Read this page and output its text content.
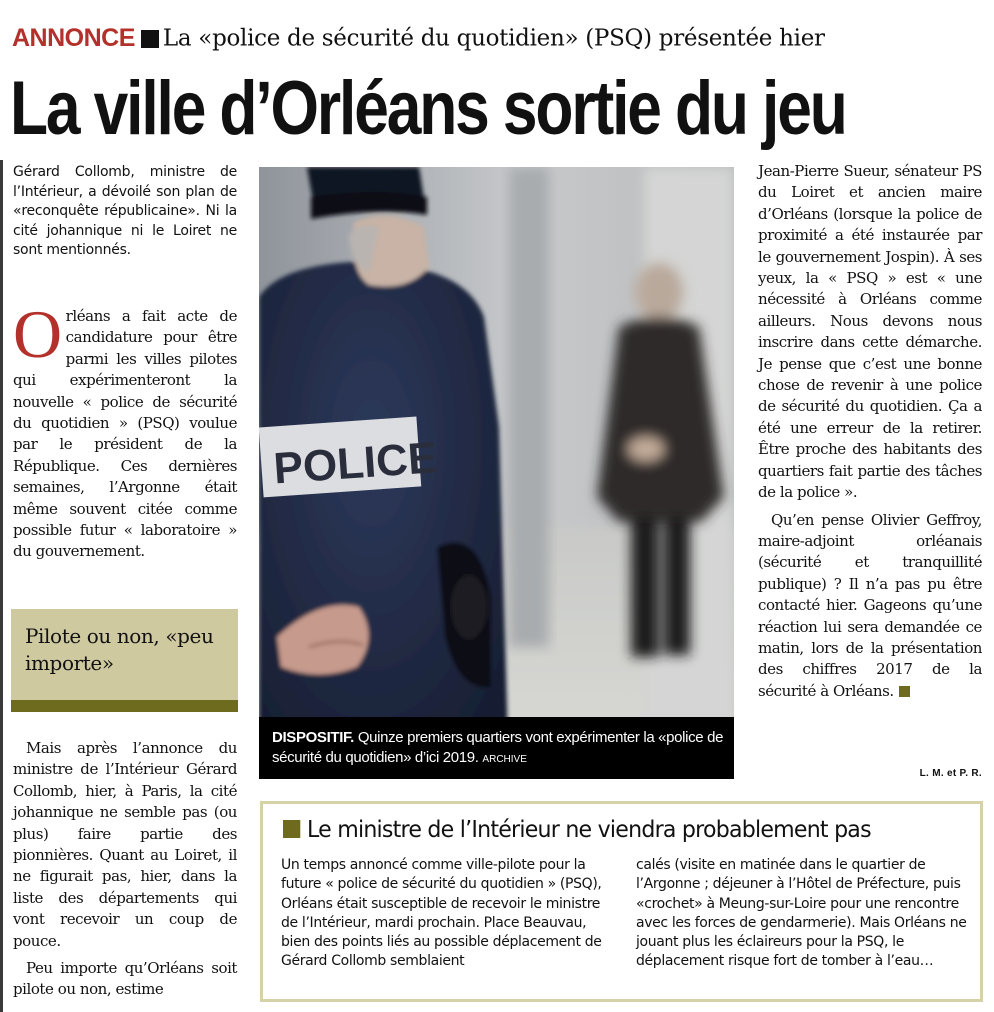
ANNONCE La «police de sécurité du quotidien» (PSQ) présentée hier
La ville d’Orléans sortie du jeu
Gérard Collomb, ministre de l’Intérieur, a dévoilé son plan de «reconquête républicaine». Ni la cité johannique ni le Loiret ne sont mentionnés.
Orléans a fait acte de candidature pour être parmi les villes pilotes qui expérimenteront la nouvelle « police de sécurité du quotidien » (PSQ) voulue par le président de la République. Ces dernières semaines, l’Argonne était même souvent citée comme possible futur « laboratoire » du gouvernement.
Pilote ou non, «peu importe»

Mais après l’annonce du ministre de l’Intérieur Gérard Collomb, hier, à Paris, la cité johannique ne semble pas (ou plus) faire partie des pionnières. Quant au Loiret, il ne figurait pas, hier, dans la liste des départements qui vont recevoir un coup de pouce.

Peu importe qu’Orléans soit pilote ou non, estime

POLICE
DISPOSITIF. Quinze premiers quartiers vont expérimenter la «police de sécurité du quotidien» d’ici 2019. ARCHIVE

Jean-Pierre Sueur, sénateur PS du Loiret et ancien maire d’Orléans (lorsque la police de proximité a été instaurée par le gouvernement Jospin). À ses yeux, la « PSQ » est « une nécessité à Orléans comme ailleurs. Nous devons nous inscrire dans cette démarche. Je pense que c’est une bonne chose de revenir à une police de sécurité du quotidien. Ça a été une erreur de la retirer. Être proche des habitants des quartiers fait partie des tâches de la police ».

Qu’en pense Olivier Geffroy, maire-adjoint orléanais (sécurité et tranquillité publique) ? Il n’a pas pu être contacté hier. Gageons qu’une réaction lui sera demandée ce matin, lors de la présentation des chiffres 2017 de la sécurité à Orléans.

L. M. et P. R.
Le ministre de l’Intérieur ne viendra probablement pas
Un temps annoncé comme ville-pilote pour la future « police de sécurité du quotidien » (PSQ), Orléans était susceptible de recevoir le ministre de l’Intérieur, mardi prochain. Place Beauvau, bien des points liés au possible déplacement de Gérard Collomb semblaient
calés (visite en matinée dans le quartier de l’Argonne ; déjeuner à l’Hôtel de Préfecture, puis «crochet» à Meung-sur-Loire pour une rencontre avec les forces de gendarmerie). Mais Orléans ne jouant plus les éclaireurs pour la PSQ, le déplacement risque fort de tomber à l’eau…
